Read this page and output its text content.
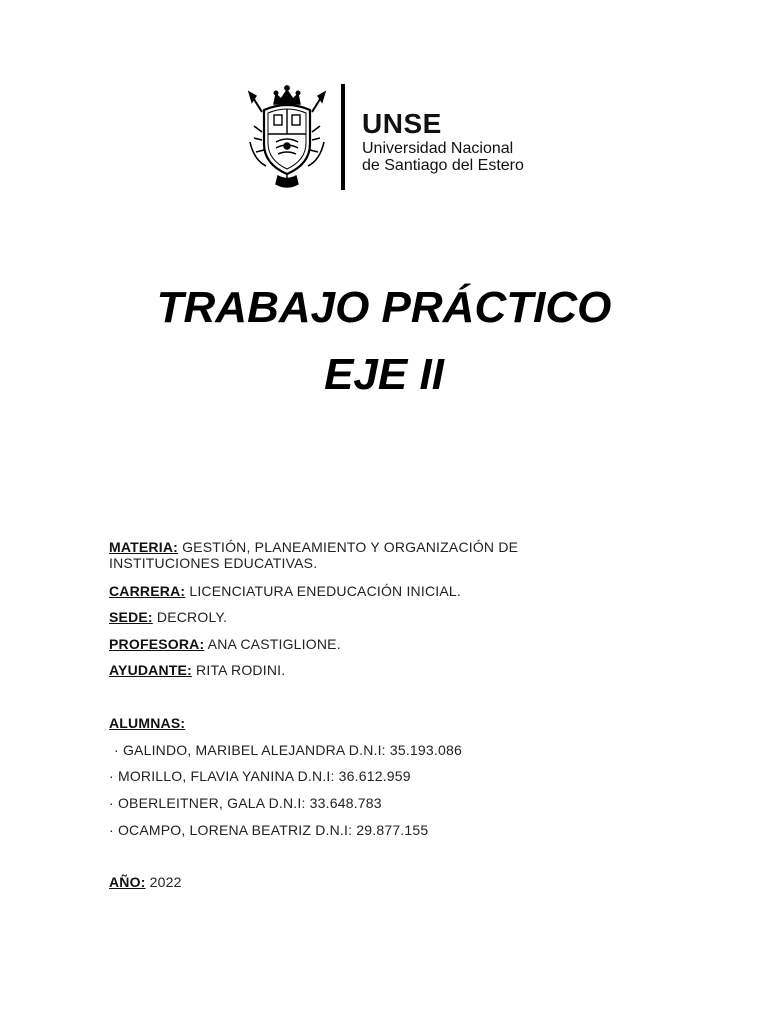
UNSE
Universidad Nacional
de Santiago del Estero
TRABAJO PRÁCTICO
EJE II
MATERIA: GESTIÓN, PLANEAMIENTO Y ORGANIZACIÓN DE
INSTITUCIONES EDUCATIVAS.
CARRERA: LICENCIATURA ENEDUCACIÓN INICIAL.
SEDE: DECROLY.
PROFESORA: ANA CASTIGLIONE.
AYUDANTE: RITA RODINI.
ALUMNAS:
· GALINDO, MARIBEL ALEJANDRA D.N.I: 35.193.086
· MORILLO, FLAVIA YANINA D.N.I: 36.612.959
· OBERLEITNER, GALA D.N.I: 33.648.783
· OCAMPO, LORENA BEATRIZ D.N.I: 29.877.155
AÑO: 2022
